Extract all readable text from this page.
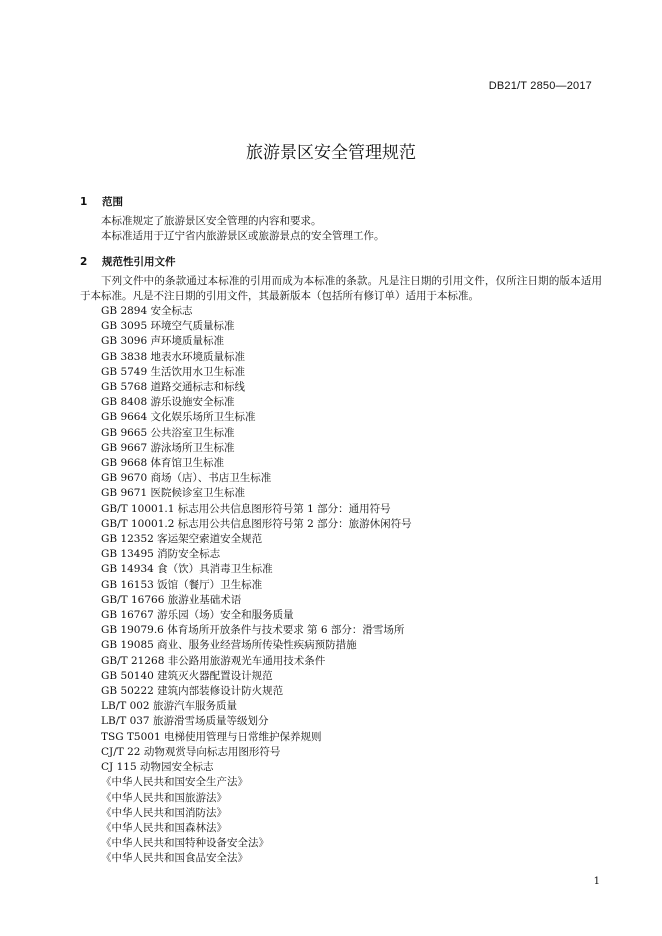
DB21/T 2850—2017
旅游景区安全管理规范
1 范围

本标准规定了旅游景区安全管理的内容和要求。

本标准适用于辽宁省内旅游景区或旅游景点的安全管理工作。

2 规范性引用文件

下列文件中的条款通过本标准的引用而成为本标准的条款。凡是注日期的引用文件，仅所注日期的版本适用于本标准。凡是不注日期的引用文件，其最新版本（包括所有修订单）适用于本标准。

GB 2894 安全标志
GB 3095 环境空气质量标准
GB 3096 声环境质量标准
GB 3838 地表水环境质量标准
GB 5749 生活饮用水卫生标准
GB 5768 道路交通标志和标线
GB 8408 游乐设施安全标准
GB 9664 文化娱乐场所卫生标准
GB 9665 公共浴室卫生标准
GB 9667 游泳场所卫生标准
GB 9668 体育馆卫生标准
GB 9670 商场（店）、书店卫生标准
GB 9671 医院候诊室卫生标准
GB/T 10001.1 标志用公共信息图形符号第 1 部分：通用符号
GB/T 10001.2 标志用公共信息图形符号第 2 部分：旅游休闲符号
GB 12352 客运架空索道安全规范
GB 13495 消防安全标志
GB 14934 食（饮）具消毒卫生标准
GB 16153 饭馆（餐厅）卫生标准
GB/T 16766 旅游业基础术语
GB 16767 游乐园（场）安全和服务质量
GB 19079.6 体育场所开放条件与技术要求 第 6 部分：滑雪场所
GB 19085 商业、服务业经营场所传染性疾病预防措施
GB/T 21268 非公路用旅游观光车通用技术条件
GB 50140 建筑灭火器配置设计规范
GB 50222 建筑内部装修设计防火规范
LB/T 002 旅游汽车服务质量
LB/T 037 旅游滑雪场质量等级划分
TSG T5001 电梯使用管理与日常维护保养规则
CJ/T 22 动物观赏导向标志用图形符号
CJ 115 动物园安全标志
《中华人民共和国安全生产法》
《中华人民共和国旅游法》
《中华人民共和国消防法》
《中华人民共和国森林法》
《中华人民共和国特种设备安全法》
《中华人民共和国食品安全法》
1
